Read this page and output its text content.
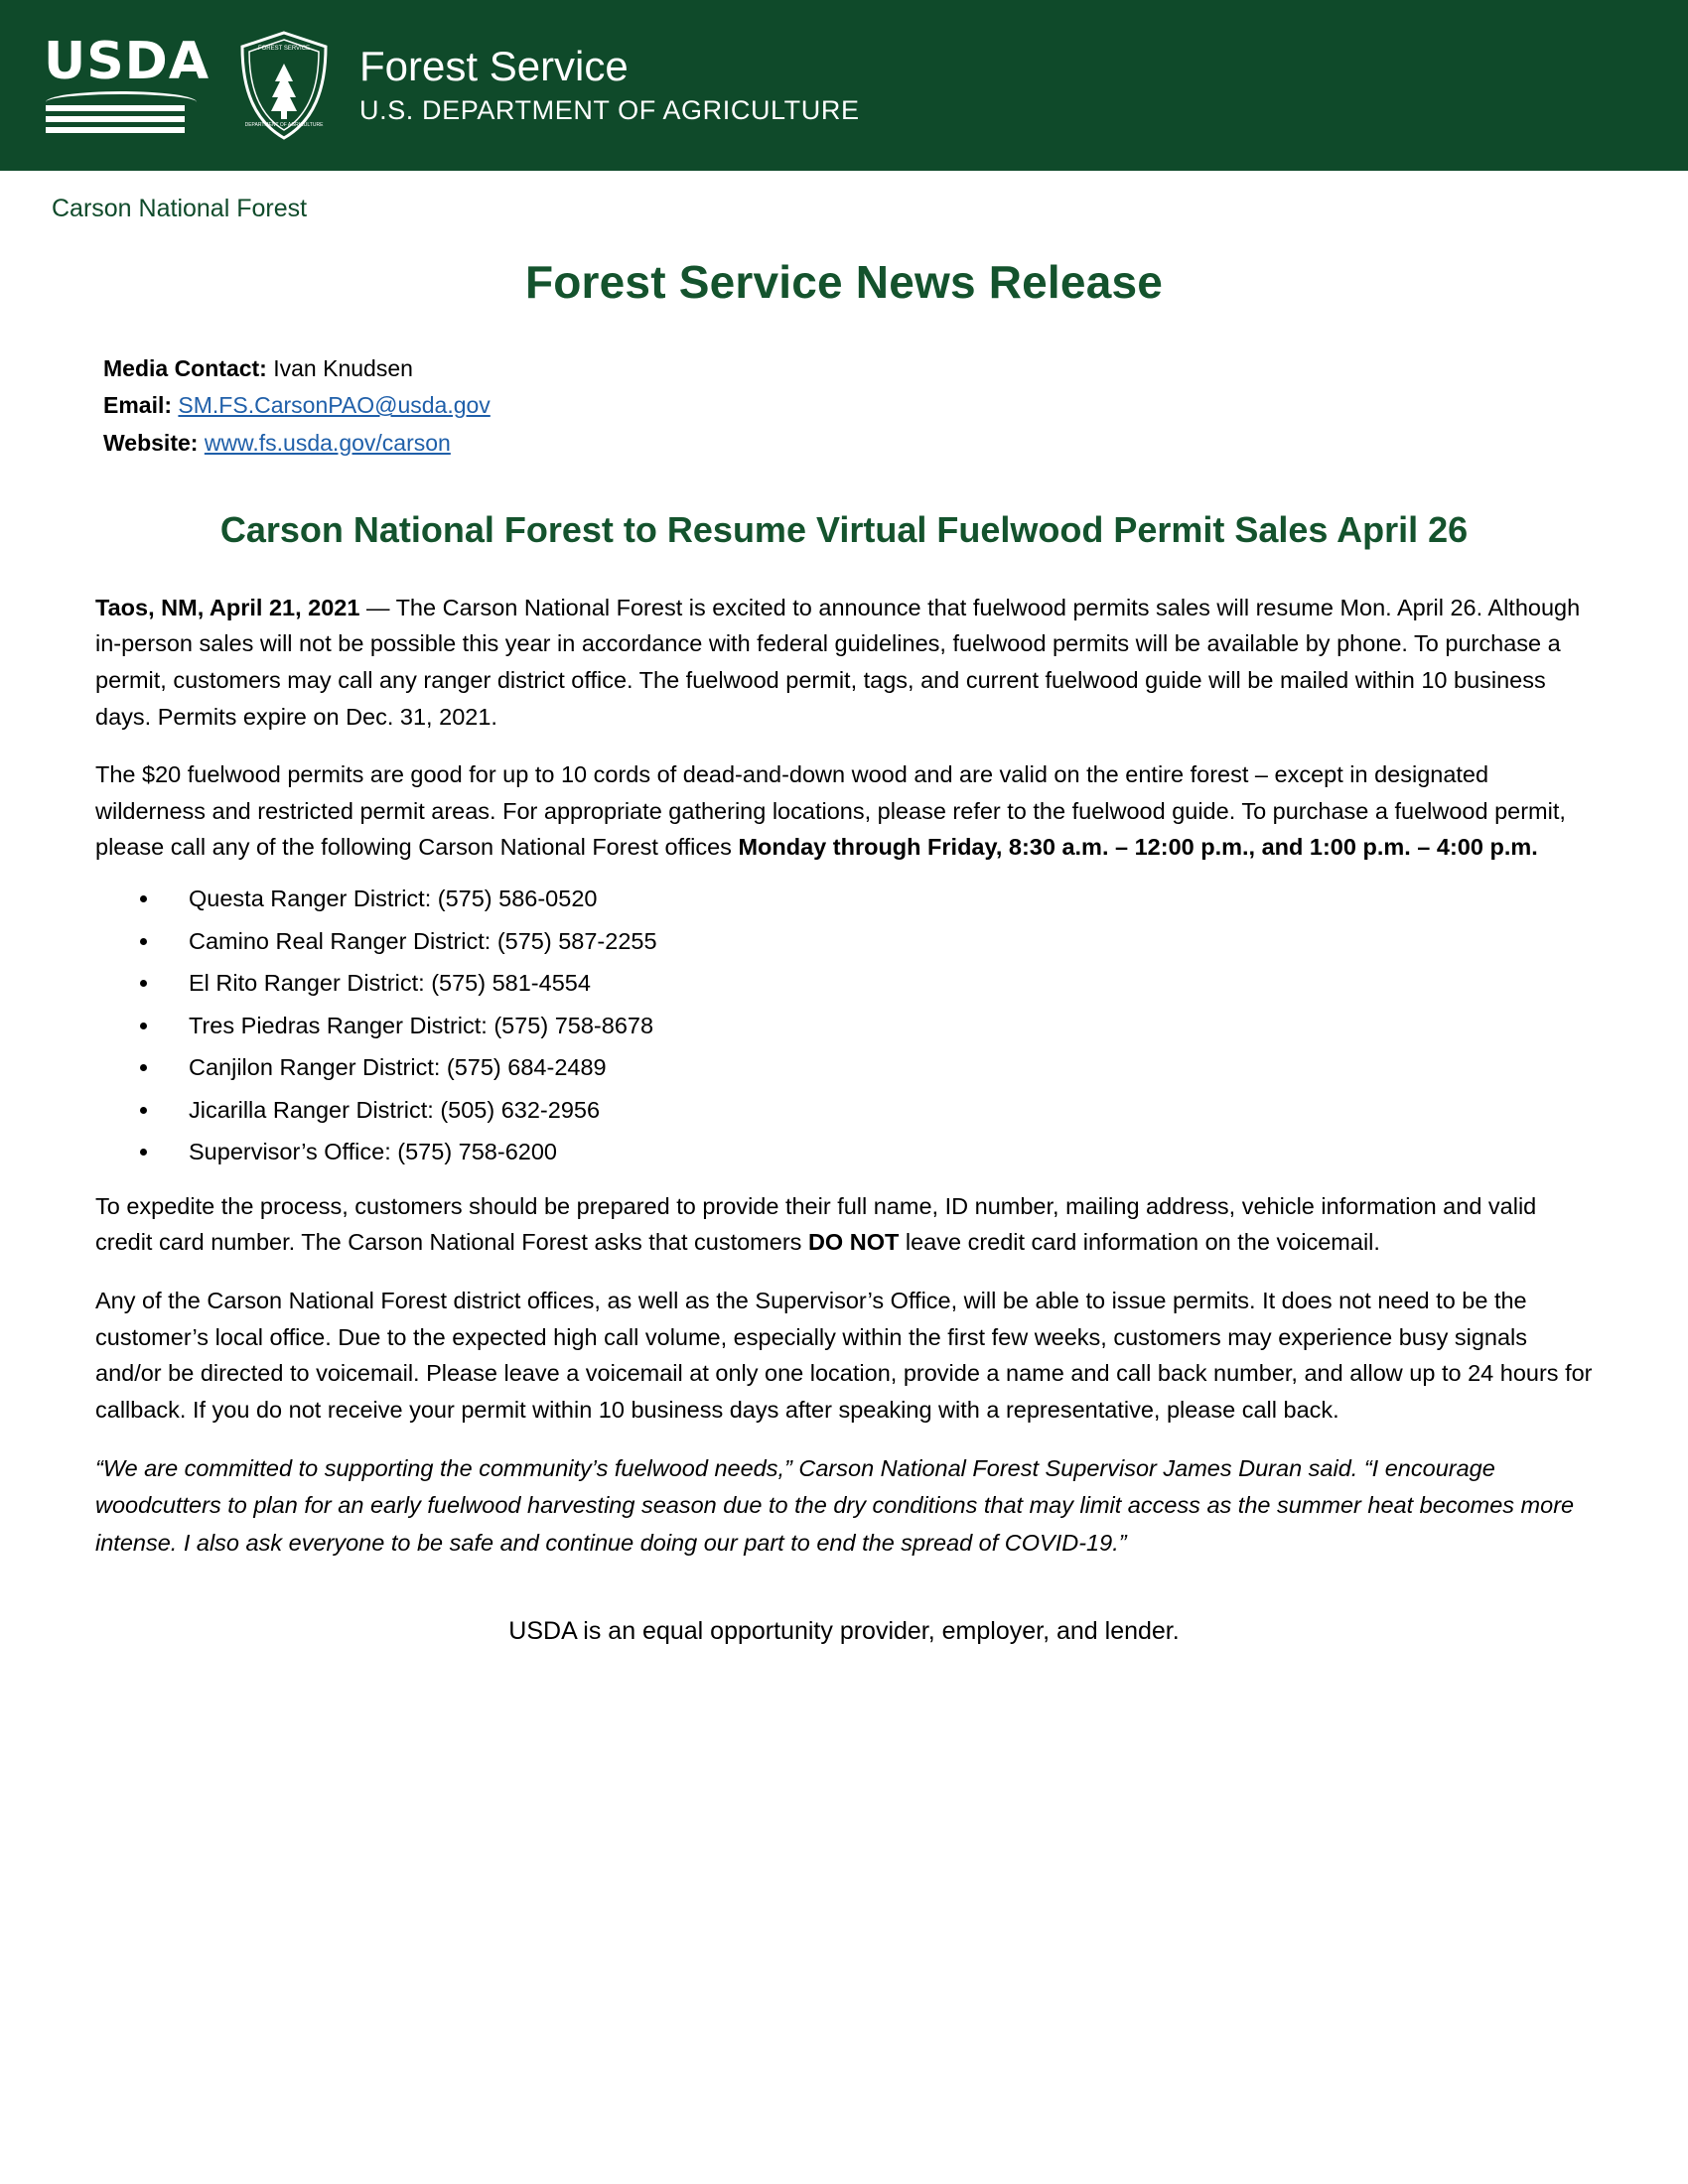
USDA	FOREST SERVICE
DEPARTMENT OF AGRICULTURE
Forest Service
U.S. DEPARTMENT OF AGRICULTURE
Carson National Forest
Forest Service News Release
Media Contact: Ivan Knudsen
Email: SM.FS.CarsonPAO@usda.gov
Website: www.fs.usda.gov/carson
Carson National Forest to Resume Virtual Fuelwood Permit Sales April 26

Taos, NM, April 21, 2021 — The Carson National Forest is excited to announce that fuelwood permits sales will resume Mon. April 26. Although in-person sales will not be possible this year in accordance with federal guidelines, fuelwood permits will be available by phone. To purchase a permit, customers may call any ranger district office. The fuelwood permit, tags, and current fuelwood guide will be mailed within 10 business days. Permits expire on Dec. 31, 2021.

The $20 fuelwood permits are good for up to 10 cords of dead-and-down wood and are valid on the entire forest – except in designated wilderness and restricted permit areas. For appropriate gathering locations, please refer to the fuelwood guide. To purchase a fuelwood permit, please call any of the following Carson National Forest offices Monday through Friday, 8:30 a.m. – 12:00 p.m., and 1:00 p.m. – 4:00 p.m.

• Questa Ranger District: (575) 586-0520
• Camino Real Ranger District: (575) 587-2255
• El Rito Ranger District: (575) 581-4554
• Tres Piedras Ranger District: (575) 758-8678
• Canjilon Ranger District: (575) 684-2489
• Jicarilla Ranger District: (505) 632-2956
• Supervisor’s Office: (575) 758-6200

To expedite the process, customers should be prepared to provide their full name, ID number, mailing address, vehicle information and valid credit card number. The Carson National Forest asks that customers DO NOT leave credit card information on the voicemail.

Any of the Carson National Forest district offices, as well as the Supervisor’s Office, will be able to issue permits. It does not need to be the customer’s local office. Due to the expected high call volume, especially within the first few weeks, customers may experience busy signals and/or be directed to voicemail. Please leave a voicemail at only one location, provide a name and call back number, and allow up to 24 hours for callback. If you do not receive your permit within 10 business days after speaking with a representative, please call back.

“We are committed to supporting the community’s fuelwood needs,” Carson National Forest Supervisor James Duran said. “I encourage woodcutters to plan for an early fuelwood harvesting season due to the dry conditions that may limit access as the summer heat becomes more intense. I also ask everyone to be safe and continue doing our part to end the spread of COVID-19.”

USDA is an equal opportunity provider, employer, and lender.
